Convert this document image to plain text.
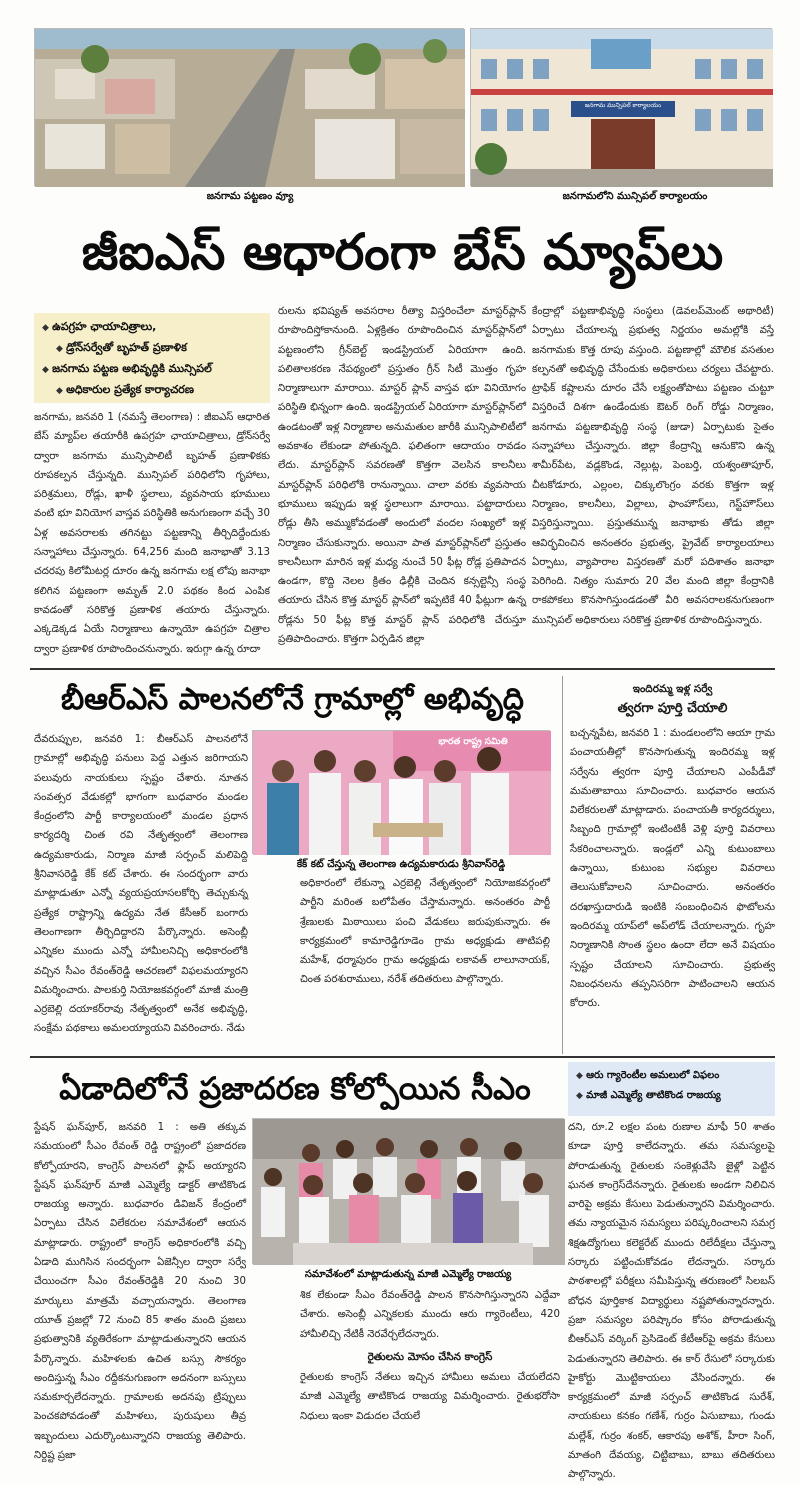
జనగామ పట్టణం వ్యూ
జనగామ మున్సిపల్ కార్యాలయం
జనగామలోని మున్సిపల్ కార్యాలయం
జీఐఎస్ ఆధారంగా బేస్ మ్యాప్‌లు
◆ ఉపగ్రహ ఛాయాచిత్రాలు,
◆ డ్రోన్‌సర్వేతో బృహత్ ప్రణాళిక
◆ జనగామ పట్టణ అభివృద్ధికి మున్సిపల్
◆ అధికారుల ప్రత్యేక కార్యాచరణ
జనగామ, జనవరి 1 (నమస్తే తెలంగాణ) : జీఐఎస్ ఆధారిత బేస్ మ్యాప్‌ల తయారీకి ఉపగ్రహ ఛాయాచిత్రాలు, డ్రోన్‌సర్వే ద్వారా జనగామ మున్సిపాలిటీ బృహత్ ప్రణాళికకు రూపకల్పన చేస్తున్నది. మున్సిపల్ పరిధిలోని గృహాలు, పరిశ్రమలు, రోడ్లు, ఖాళీ స్థలాలు, వ్యవసాయ భూములు వంటి భూ వినియోగ వాస్తవ పరిస్థితికి అనుగుణంగా వచ్చే 30 ఏళ్ల అవసరాలకు తగినట్టు పట్టణాన్ని తీర్చిదిద్దేందుకు సన్నాహాలు చేస్తున్నారు. 64,256 మంది జనాభాతో 3.13 చదరపు కిలోమీటర్ల దూరం ఉన్న జనగామ లక్ష లోపు జనాభా కలిగిన పట్టణంగా అమృత్ 2.0 పథకం కింద ఎంపిక కావడంతో సరికొత్త ప్రణాళిక తయారు చేస్తున్నారు. ఎక్కడెక్కడ ఏయే నిర్మాణాలు ఉన్నాయో ఉపగ్రహ చిత్రాల ద్వారా ప్రణాళిక రూపొందించనున్నారు. ఇరుగ్గా ఉన్న రూదా
రులను భవిష్యత్ అవసరాల రీత్యా విస్తరించేలా మాస్టర్‌ప్లాన్ రూపొందిస్తోకానుంది. ఏళ్లక్రితం రూపొందించిన మాస్టర్‌ప్లాన్‌లో పట్టణంలోని గ్రీన్‌బెల్ట్ ఇండస్ట్రియల్ ఏరియాగా ఉంది. పలితాలకరణ నేపథ్యంలో ప్రస్తుతం గ్రీన్ సిటీ మొత్తం గృహ నిర్మాణాలుగా మారాయి. మాస్టర్ ప్లాన్ వాస్తవ భూ వినియోగం పరిస్థితి భిన్నంగా ఉంది. ఇండస్ట్రియల్ ఏరియాగా మాస్టర్‌ప్లాన్‌లో ఉండటంతో ఇళ్ల నిర్మాణాల అనుమతుల జారీకి మున్సిపాలిటీలో అవకాశం లేకుండా పోతున్నది. ఫలితంగా ఆదాయం రావడం లేదు. మాస్టర్‌ప్లాన్ సవరణతో కొత్తగా వెలసిన కాలనీలు మాస్టర్‌ప్లాన్ పరిధిలోకి రానున్నాయి. చాలా వరకు వ్యవసాయ భూములు ఇప్పుడు ఇళ్ల స్థలాలుగా మారాయి. పట్టాదారులు రోడ్లు తీసి అమ్ముకోవడంతో అందులో వందల సంఖ్యలో ఇళ్ల నిర్మాణం చేసుకున్నారు. అయినా పాత మాస్టర్‌ప్లాన్‌లో ప్రస్తుతం కాలనీలుగా మారిన ఇళ్ల మధ్య నుంచే 50 ఫీట్ల రోడ్ల ప్రతిపాదన ఉండగా, కొద్ది నెలల క్రితం ఢిల్లీకి చెందిన కన్సల్టెన్సీ సంస్థ తయారు చేసిన కొత్త మాస్టర్ ప్లాన్‌లో ఇప్పటికే 40 ఫీట్లుగా ఉన్న రోడ్లను 50 ఫీట్ల కొత్త మాస్టర్ ప్లాన్ పరిధిలోకి చేరుస్తూ ప్రతిపాదించారు. కొత్తగా ఏర్పడిన జిల్లా
కేంద్రాల్లో పట్టణాభివృద్ధి సంస్థలు (డెవలప్‌మెంట్ అథారిటీ) ఏర్పాటు చేయాలన్న ప్రభుత్వ నిర్ణయం అమల్లోకి వస్తే జనగామకు కొత్త రూపు వస్తుంది. పట్టణాల్లో మౌలిక వసతుల కల్పనతో అభివృద్ధి చేసేందుకు అధికారులు చర్యలు చేపట్టారు. ట్రాఫిక్ కష్టాలను దూరం చేసే లక్ష్యంతోపాటు పట్టణం చుట్టూ విస్తరించే దిశగా ఉండేందుకు ఔటర్ రింగ్ రోడ్డు నిర్మాణం, జనగామ పట్టణాభివృద్ధి సంస్థ (జుడా) ఏర్పాటుకు సైతం సన్నాహాలు చేస్తున్నారు. జిల్లా కేంద్రాన్ని ఆనుకొని ఉన్న శామీర్‌పేట, వడ్లకొండ, నెల్లుట్ల, పెంబర్తి, యశ్వంతాపూర్, చీటకోడూరు, ఎల్లంల, చిక్కులొంగ్రం వరకు కొత్తగా ఇళ్ల నిర్మాణం, కాలనీలు, విల్లాలు, ఫాంహౌస్‌లు, గెస్ట్‌హౌస్‌లు విస్తరిస్తున్నాయి. ప్రస్తుతమున్న జనాభాకు తోడు జిల్లా ఆవిర్భవించిన అనంతరం ప్రభుత్వ, ప్రైవేట్ కార్యాలయాలు ఏర్పాటు, వ్యాపారాల విస్తరణతో మరో పదిశాతం జనాభా పెరిగింది. నిత్యం సుమారు 20 వేల మంది జిల్లా కేంద్రానికి రాకపోకలు కొనసాగిస్తుండడంతో వీరి అవసరాలకనుగుణంగా మున్సిపల్ అధికారులు సరికొత్త ప్రణాళిక రూపొందిస్తున్నారు.
బీఆర్ఎస్ పాలనలోనే గ్రామాల్లో అభివృద్ధి
దేవరుప్పుల, జనవరి 1: బీఆర్ఎస్ పాలనలోనే గ్రామాల్లో అభివృద్ధి పనులు పెద్ద ఎత్తున జరిగాయని పలువురు నాయకులు స్పష్టం చేశారు. నూతన సంవత్సర వేడుకల్లో భాగంగా బుధవారం మండల కేంద్రంలోని పార్టీ కార్యాలయంలో మండల ప్రధాన కార్యదర్శి చింత రవి నేతృత్వంలో తెలంగాణ ఉద్యమకారుడు, నిర్మాణ మాజీ సర్పంచ్ మలిపెద్ది శ్రీనివాసరెడ్డి కేక్ కట్ చేశారు. ఈ సందర్భంగా వారు మాట్లాడుతూ ఎన్నో వ్యయప్రయాసలకోర్చి తెచ్చుకున్న ప్రత్యేక రాష్ట్రాన్ని ఉద్యమ నేత కేసీఆర్ బంగారు తెలంగాణగా తీర్చిదిద్దారని పేర్కొన్నారు. అసెంబ్లీ ఎన్నికల ముందు ఎన్నో హామీలనిచ్చి అధికారంలోకి వచ్చిన సీఎం రేవంత్‌రెడ్డి ఆచరణలో విఫలమయ్యారని విమర్శించారు. పాలకుర్తి నియోజకవర్గంలో మాజీ మంత్రి ఎర్రబెల్లి దయాకర్‌రావు నేతృత్వంలో అనేక అభివృద్ధి, సంక్షేమ పథకాలు అమలయ్యాయని వివరించారు. నేడు
భారత రాష్ట్ర సమితి
కేక్ కట్ చేస్తున్న తెలంగాణ ఉద్యమకారుడు శ్రీనివాస్‌రెడ్డి
అధికారంలో లేకున్నా ఎర్రబెల్లి నేతృత్వంలో నియోజకవర్గంలో పార్టీని మరింత బలోపేతం చేస్తామన్నారు. అనంతరం పార్టీ శ్రేణులకు మిఠాయిలు పంచి వేడుకలు జరుపుకున్నారు. ఈ కార్యక్రమంలో కామారెడ్డిగూడెం గ్రామ అధ్యక్షుడు తాటిపల్లి మహేశ్, ధర్మాపురం గ్రామ అధ్యక్షుడు లకావత్ లాలూనాయక్, చింత పరశురాములు, నరేశ్ తదితరులు పాల్గొన్నారు.
ఇందిరమ్మ ఇళ్ల సర్వే
త్వరగా పూర్తి చేయాలి
బచ్చన్నపేట, జనవరి 1 : మండలంలోని ఆయా గ్రామ పంచాయతీల్లో కొనసాగుతున్న ఇందిరమ్మ ఇళ్ల సర్వేను త్వరగా పూర్తి చేయాలని ఎంపీడీవో మమతాబాయి సూచించారు. బుధవారం ఆయన విలేకరులతో మాట్లాడారు. పంచాయతీ కార్యదర్శులు, సిబ్బంది గ్రామాల్లో ఇంటింటికీ వెళ్లి పూర్తి వివరాలు సేకరించాలన్నారు. ఇండ్లలో ఎన్ని కుటుంబాలు ఉన్నాయి, కుటుంబ సభ్యుల వివరాలు తెలుసుకోవాలని సూచించారు. అనంతరం దరఖాస్తుదారుడి ఇంటికి సంబంధించిన ఫొటోలను ఇందిరమ్మ యాప్‌లో అప్‌లోడ్ చేయాలన్నారు. గృహ నిర్మాణానికి సొంత స్థలం ఉందా లేదా అనే విషయం స్పష్టం చేయాలని సూచించారు. ప్రభుత్వ నిబంధనలను తప్పనిసరిగా పాటించాలని ఆయన కోరారు.
ఏడాదిలోనే ప్రజాదరణ కోల్పోయిన సీఎం
◆	ఆరు గ్యారెంటీల అమలులో విఫలం
◆ మాజీ ఎమ్మెల్యే తాటికొండ రాజయ్య
స్టేషన్ ఘన్‌పూర్, జనవరి 1 : అతి తక్కువ సమయంలో సీఎం రేవంత్ రెడ్డి రాష్ట్రంలో ప్రజాదరణ కోల్పోయారని, కాంగ్రెస్ పాలనలో ఫ్లాప్ అయ్యారని స్టేషన్ ఘన్‌పూర్ మాజీ ఎమ్మెల్యే డాక్టర్ తాటికొండ రాజయ్య అన్నారు. బుధవారం డివిజన్ కేంద్రంలో ఏర్పాటు చేసిన విలేకరుల సమావేశంలో ఆయన మాట్లాడారు. రాష్ట్రంలో కాంగ్రెస్ అధికారంలోకి వచ్చి ఏడాది ముగిసిన సందర్భంగా ఏజెన్సీల ద్వారా సర్వే చేయించగా సీఎం రేవంత్‌రెడ్డికి 20 నుంచి 30 మార్కులు మాత్రమే వచ్చాయన్నారు. తెలంగాణ యూత్ ప్రజల్లో 72 నుంచి 85 శాతం మంది ప్రజలు ప్రభుత్వానికి వ్యతిరేకంగా మాట్లాడుతున్నారని ఆయన పేర్కొన్నారు. మహిళలకు ఉచిత బస్సు సౌకర్యం అందిస్తున్న సీఎం రద్దీకనుగుణంగా అదనంగా బస్సులు సమకూర్చలేదన్నారు. గ్రామాలకు అదనపు ట్రిప్పులు పెంచకపోవడంతో మహిళలు, పురుషులు తీవ్ర ఇబ్బందులు ఎదుర్కొంటున్నారని రాజయ్య తెలిపారు. నిర్దిష్ట ప్రజా
సమావేశంలో మాట్లాడుతున్న మాజీ ఎమ్మెల్యే రాజయ్య
శిక లేకుండా సీఎం రేవంత్‌రెడ్డి పాలన కొనసాగిస్తున్నారని ఎద్దేవా చేశారు. అసెంబ్లీ ఎన్నికలకు ముందు ఆరు గ్యారెంటీలు, 420 హామీలిచ్చి నేటికీ నెరవేర్చలేదన్నారు.
రైతులను మోసం చేసిన కాంగ్రెస్
రైతులకు కాంగ్రెస్ నేతలు ఇచ్చిన హామీలు అమలు చేయలేదని మాజీ ఎమ్మెల్యే తాటికొండ రాజయ్య విమర్శించారు. రైతుభరోసా నిధులు ఇంకా విడుదల చేయలే
దని, రూ.2 లక్షల పంట రుణాల మాఫీ 50 శాతం కూడా పూర్తి కాలేదన్నారు. తమ సమస్యలపై పోరాడుతున్న రైతులకు సంకెళ్లువేసి జైళ్లో పెట్టిన ఘనత కాంగ్రెస్‌దేనన్నారు. రైతులకు అండగా నిలిచిన వారిపై అక్రమ కేసులు పెడుతున్నారని విమర్శించారు. తమ న్యాయమైన సమస్యలు పరిష్కరించాలని సమగ్ర శిక్షఉద్యోగులు కలెక్టరేట్ ముందు రిలేదీక్షలు చేస్తున్నా సర్కారు పట్టించుకోవడం లేదన్నారు. సర్కారు పాఠశాలల్లో పరీక్షలు సమీపిస్తున్న తరుణంలో సిలబస్ బోధన పూర్తికాక విద్యార్థులు నష్టపోతున్నారన్నారు. ప్రజా సమస్యల పరిష్కారం కోసం పోరాడుతున్న బీఆర్ఎస్ వర్కింగ్ ప్రెసిడెంట్ కేటీఆర్‌పై అక్రమ కేసులు పెడుతున్నారని తెలిపారు. ఈ కార్ రేసులో సర్కారుకు హైకోర్టు మొట్టికాయలు వేసిందన్నారు. ఈ కార్యక్రమంలో మాజీ సర్పంచ్ తాటికొండ సురేశ్, నాయకులు కనకం గణేశ్, గుర్రం ఏసుబాబు, గుండు మల్లేశ్, గుర్రం శంకర్, ఆకారపు అశోక్, హీరా సింగ్, మాతంగి దేవయ్య, చిట్టిబాబు, బాబు తదితరులు పాల్గొన్నారు.
